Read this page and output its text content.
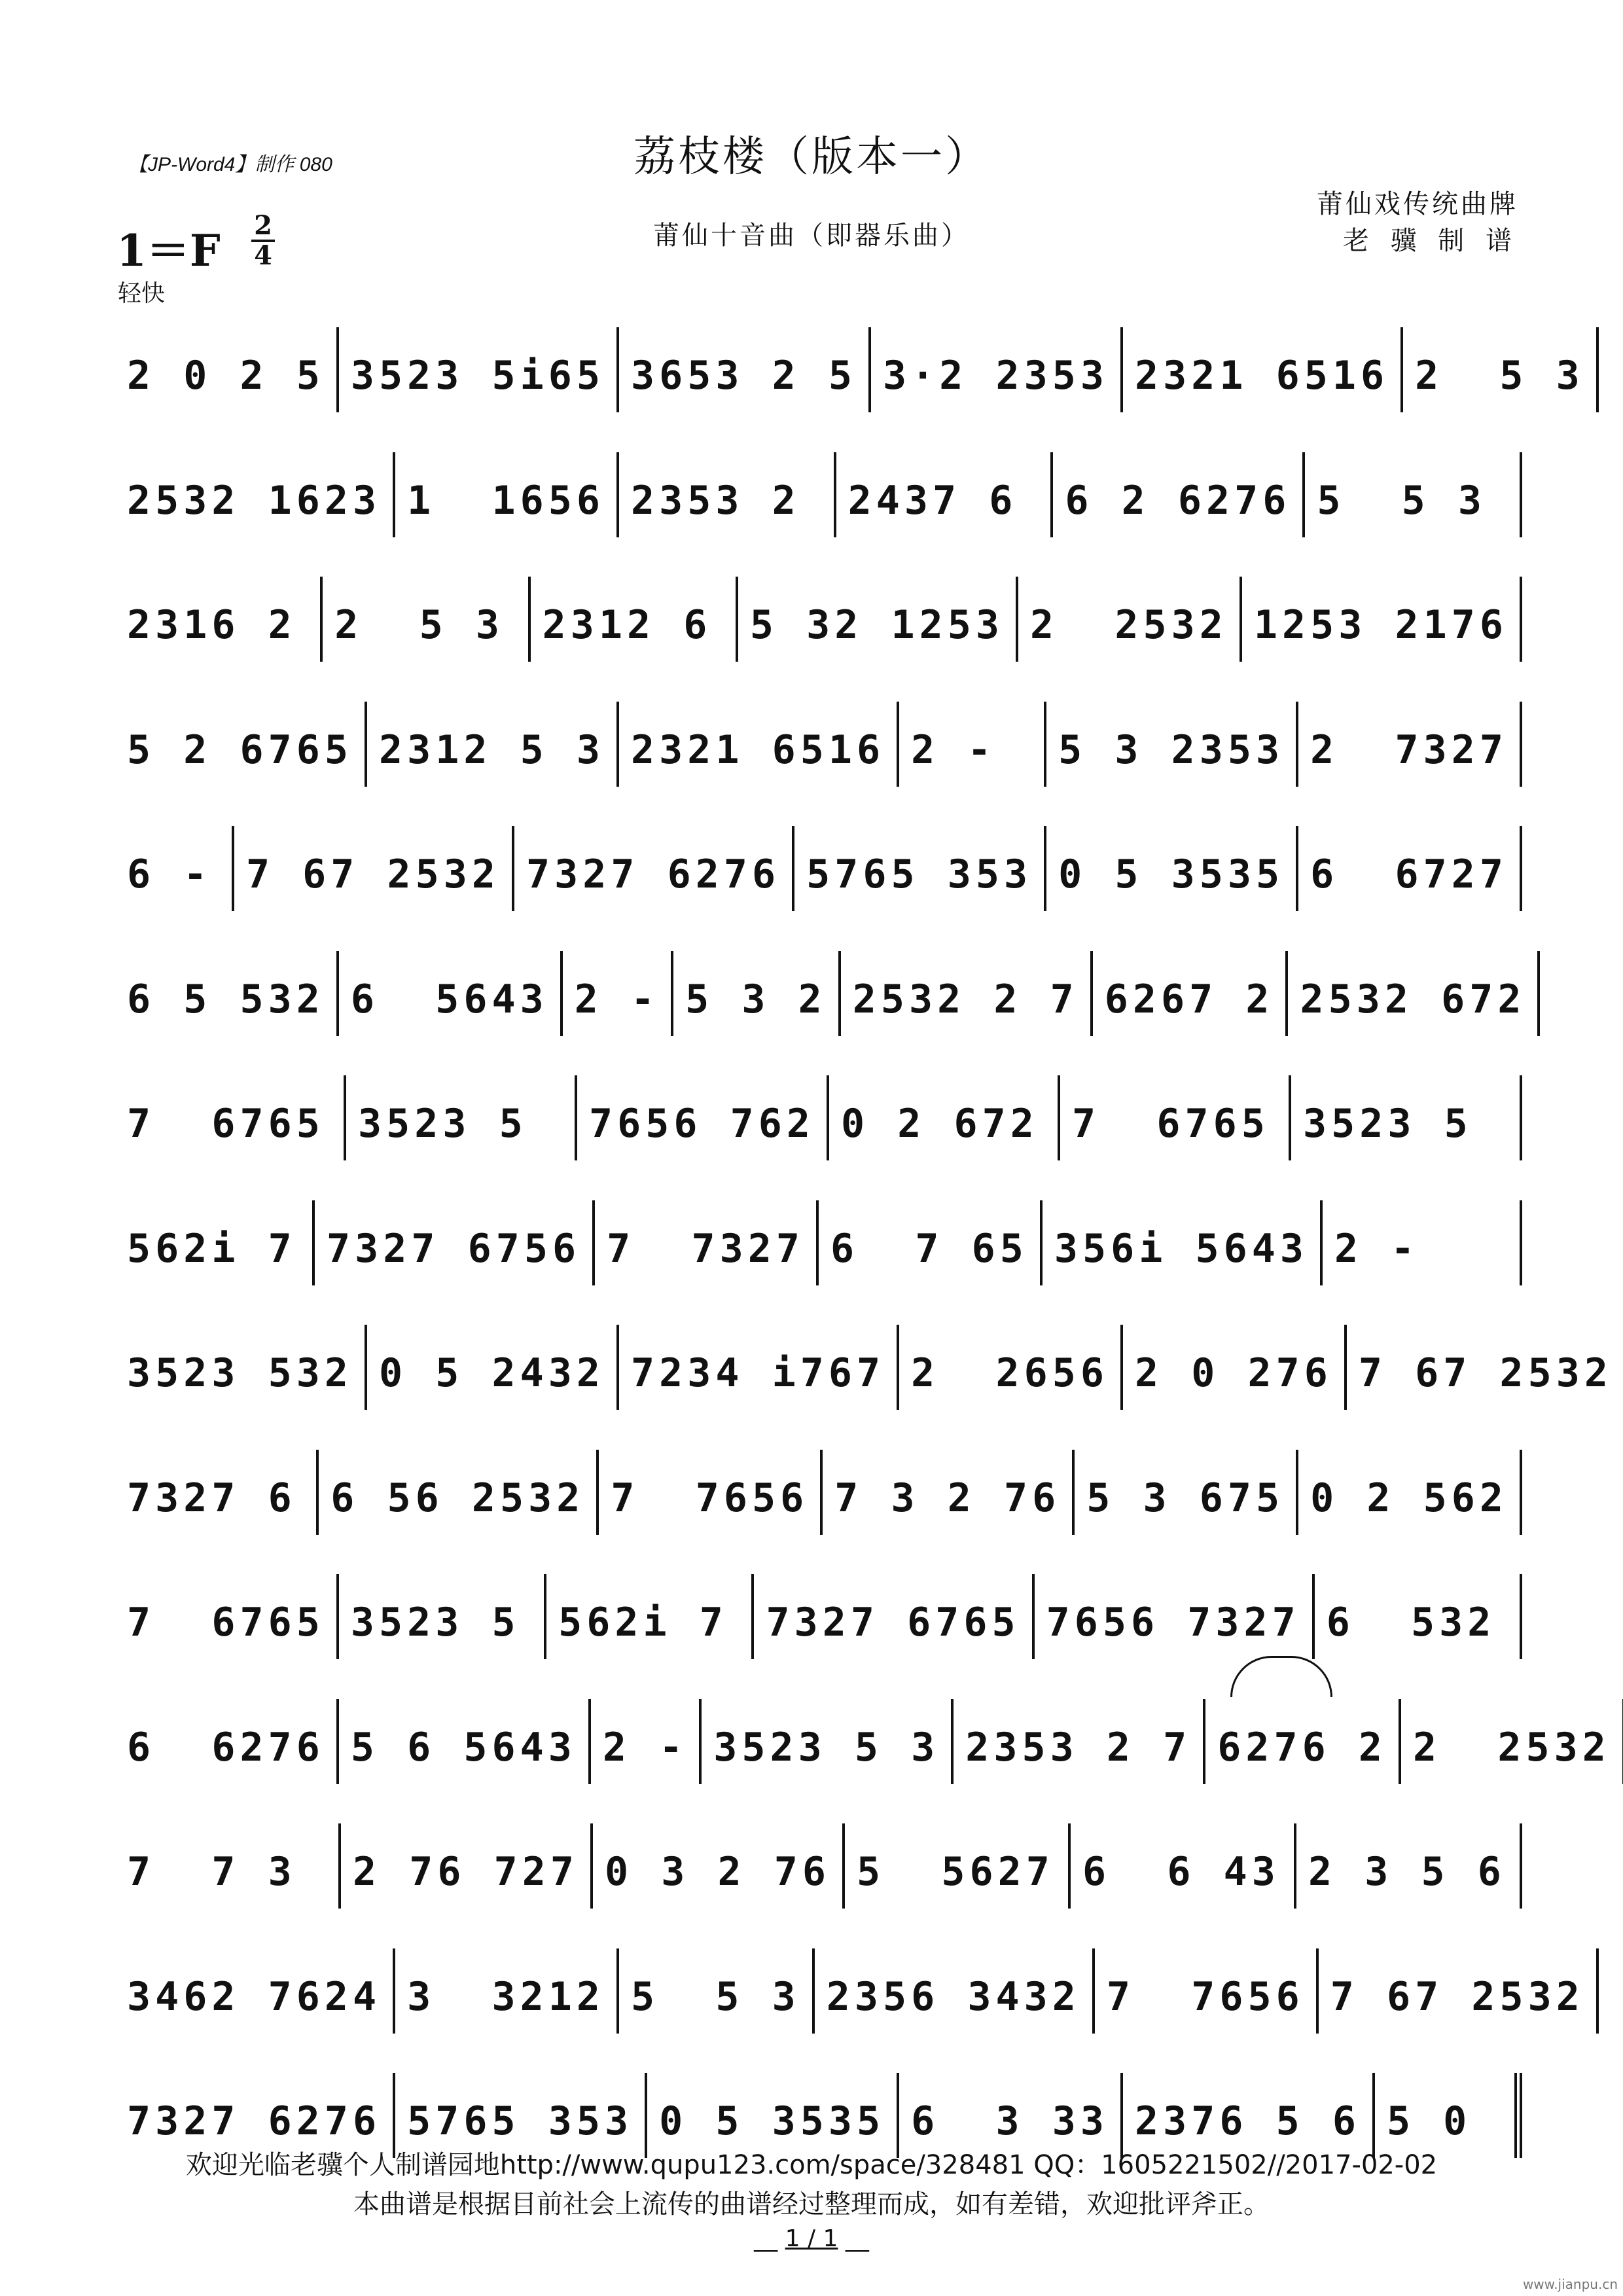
【JP-Word4】制作 080	荔枝楼（版本一）
莆仙十音曲（即器乐曲）
莆仙戏传统曲牌
老 骥 制 谱
1＝F 2
4
轻快
2 0 2 5 3523 5i65 3653 2 5 3·2 2353 2321 6516 2  5 3
2532 1623 1  1656 2353 2 2437 6 6 2 6276 5  5 3
2316 2 2  5 3 2312 6 5 32 1253 2  2532 1253 2176
5 2 6765 2312 5 3 2321 6516 2 - 5 3 2353 2  7327
6 - 7 67 2532 7327 6276 5765 353 0 5 3535 6  6727
6 5 532 6  5643 2 - 5 3 2 2532 2 7 6267 2 2532 672
7  6765 3523 5 7656 762 0 2 672 7  6765 3523 5
562i 7 7327 6756 7  7327 6  7 65 356i 5643 2 -
3523 532 0 5 2432 7234 i767 2  2656 2 0 276 7 67 2532
7327 6 6 56 2532 7  7656 7 3 2 76 5 3 675 0 2 562
7  6765 3523 5 562i 7 7327 6765 7656 7327 6  532
6  6276 5 6 5643 2 - 3523 5 3 2353 2 7 6276 2 2  2532
7  7 3 2 76 727 0 3 2 76 5  5627 6  6 43 2 3 5 6
3462 7624 3  3212 5  5 3 2356 3432 7  7656 7 67 2532
7327 6276 5765 353 0 5 3535 6  3 33 2376 5 6 5 0
欢迎光临老骥个人制谱园地http://www.qupu123.com/space/328481 QQ：1605221502//2017-02-02
本曲谱是根据目前社会上流传的曲谱经过整理而成，如有差错，欢迎批评斧正。
__ 1 / 1 __
www.jianpu.cn
